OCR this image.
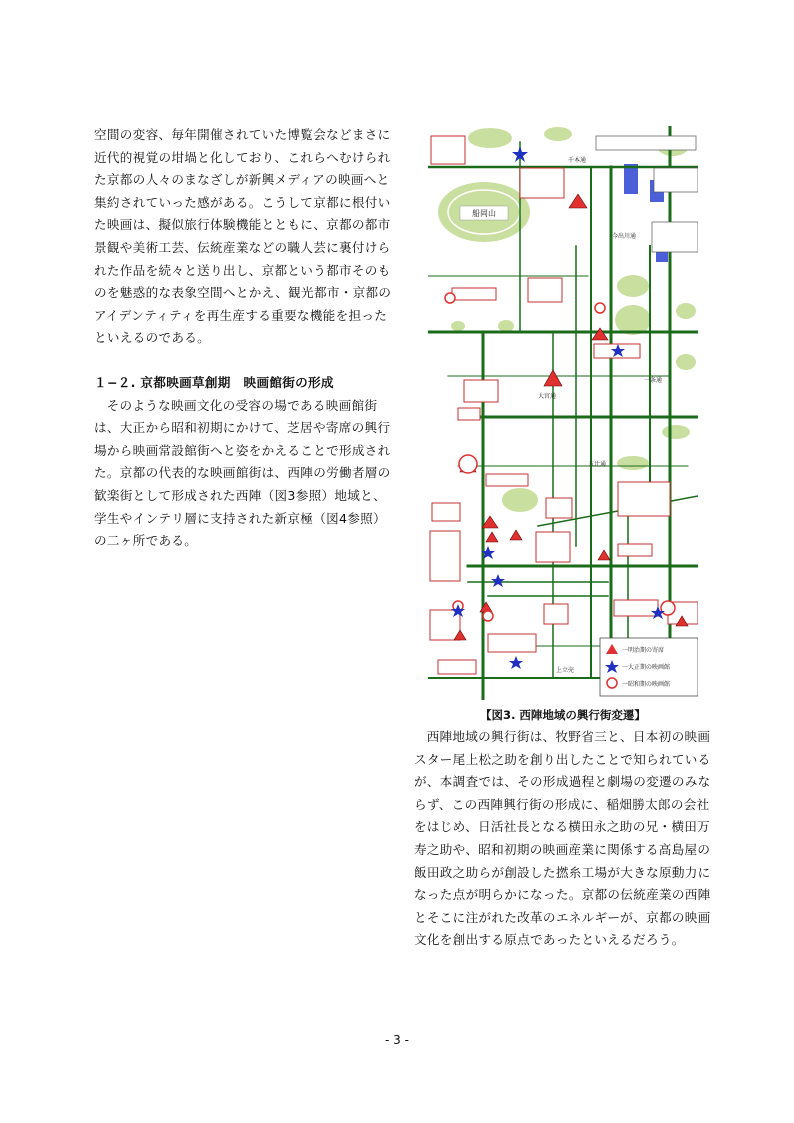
空間の変容、毎年開催されていた博覧会などまさに近代的視覚の坩堝と化しており、これらへむけられた京都の人々のまなざしが新興メディアの映画へと集約されていった感がある。こうして京都に根付いた映画は、擬似旅行体験機能とともに、京都の都市景観や美術工芸、伝統産業などの職人芸に裏付けられた作品を続々と送り出し、京都という都市そのものを魅惑的な表象空間へとかえ、観光都市・京都のアイデンティティを再生産する重要な機能を担ったといえるのである。

１−２. 京都映画草創期　映画館街の形成

そのような映画文化の受容の場である映画館街は、大正から昭和初期にかけて、芝居や寄席の興行場から映画常設館街へと姿をかえることで形成された。京都の代表的な映画館街は、西陣の労働者層の歓楽街として形成された西陣（図3参照）地域と、学生やインテリ層に支持された新京極（図4参照）の二ヶ所である。

船岡山
千本通
今出川通
大宮通
五辻通
上立売
一条通
一明治期の寄席
一大正期の映画館
一昭和期の映画館
【図3. 西陣地域の興行街変遷】

西陣地域の興行街は、牧野省三と、日本初の映画スター尾上松之助を創り出したことで知られているが、本調査では、その形成過程と劇場の変遷のみならず、この西陣興行街の形成に、稲畑勝太郎の会社をはじめ、日活社長となる横田永之助の兄・横田万寿之助や、昭和初期の映画産業に関係する高島屋の飯田政之助らが創設した撚糸工場が大きな原動力になった点が明らかになった。京都の伝統産業の西陣とそこに注がれた改革のエネルギーが、京都の映画文化を創出する原点であったといえるだろう。

- 3 -
